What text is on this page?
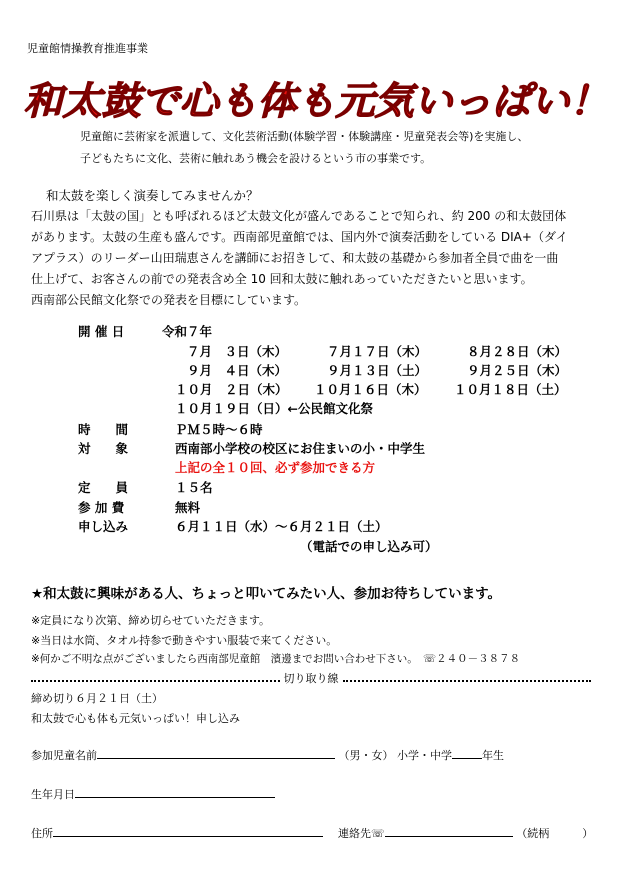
児童館情操教育推進事業
和太鼓で心も体も元気いっぱい！
児童館に芸術家を派遣して、文化芸術活動(体験学習・体験講座・児童発表会等)を実施し、
子どもたちに文化、芸術に触れあう機会を設けるという市の事業です。
和太鼓を楽しく演奏してみませんか？
石川県は「太鼓の国」とも呼ばれるほど太鼓文化が盛んであることで知られ、約 200 の和太鼓団体
があります。太鼓の生産も盛んです。西南部児童館では、国内外で演奏活動をしている DIA+（ダイ
アプラス）のリーダー山田瑞恵さんを講師にお招きして、和太鼓の基礎から参加者全員で曲を一曲
仕上げて、お客さんの前での発表含め全 10 回和太鼓に触れあっていただきたいと思います。
西南部公民館文化祭での発表を目標にしています。
開 催 日	令和７年
７月　３日（木）	７月１７日（木）	８月２８日（木）
９月　４日（木）	９月１３日（土）	９月２５日（木）
１０月　２日（木） １０月１６日（木） １０月１８日（土）
１０月１９日（日）←公民館文化祭
時　　間	ＰＭ５時～６時
対　　象	西南部小学校の校区にお住まいの小・中学生
上記の全１０回、必ず参加できる方
定　　員	１５名
参 加 費	無料
申し込み	６月１１日（水）～６月２１日（土）
（電話での申し込み可）
★和太鼓に興味がある人、ちょっと叩いてみたい人、参加お待ちしています。
※定員になり次第、締め切らせていただきます。
※当日は水筒、タオル持参で動きやすい服装で来てください。
※何かご不明な点がございましたら西南部児童館　濱邊までお問い合わせ下さい。　☏２４０－３８７８
切り取り線
締め切り６月２１日（土）
和太鼓で心も体も元気いっぱい！申し込み
参加児童名前	（男・女） 小学・中学	年生
生年月日
住所	連絡先☏	（続柄　　　）
